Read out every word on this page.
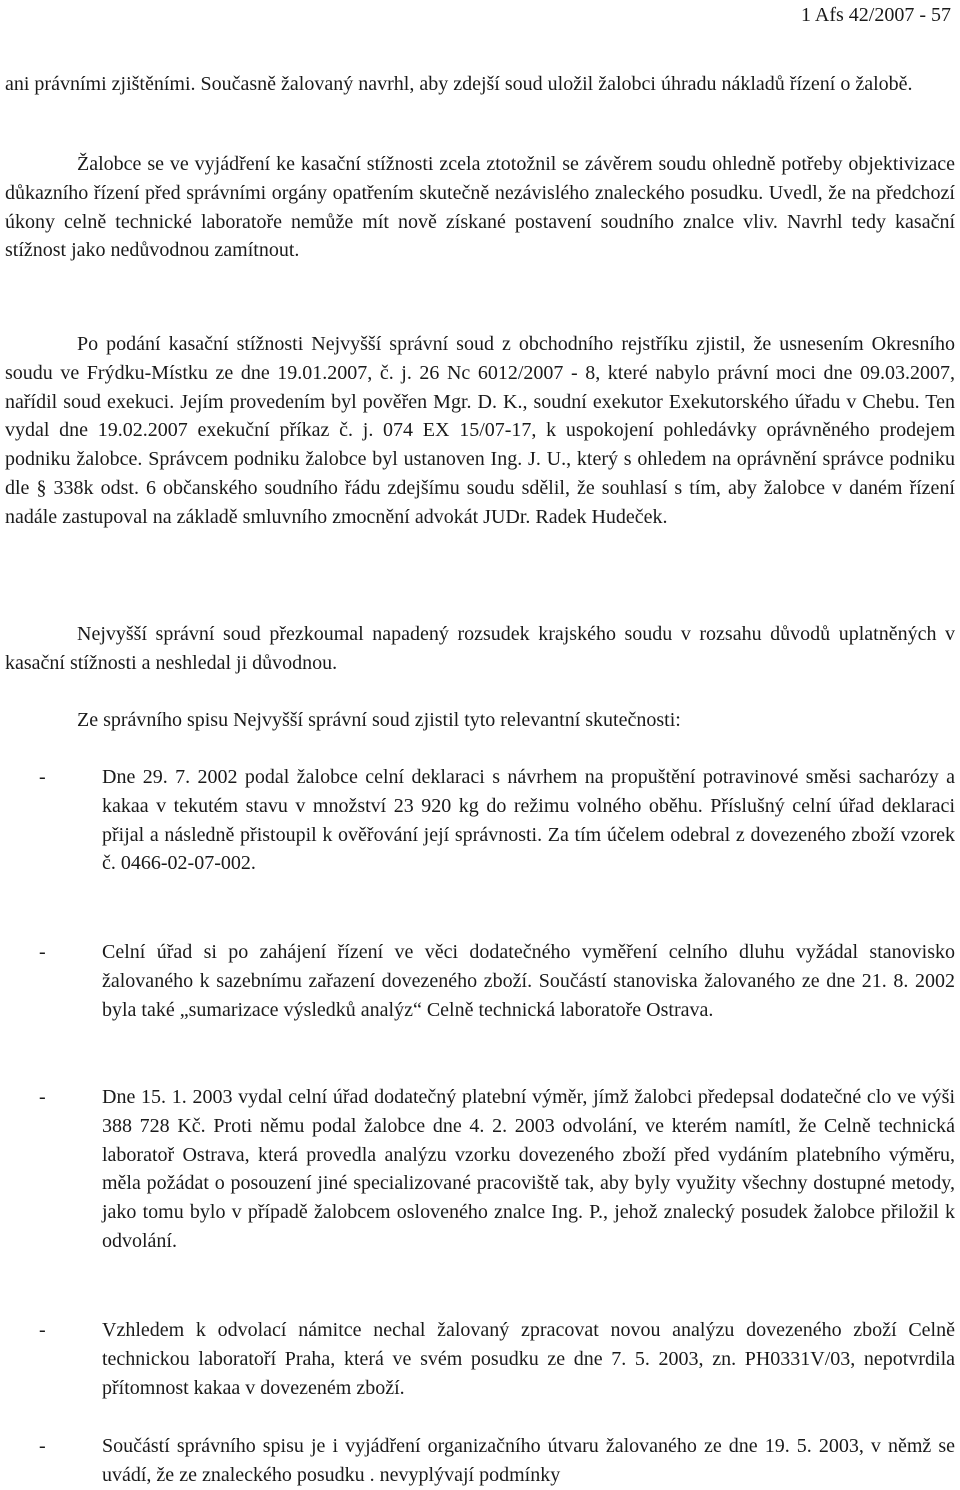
1 Afs 42/2007 - 57

ani právními zjištěními. Současně žalovaný navrhl, aby zdejší soud uložil žalobci úhradu nákladů řízení o žalobě.

Žalobce se ve vyjádření ke kasační stížnosti zcela ztotožnil se závěrem soudu ohledně potřeby objektivizace důkazního řízení před správními orgány opatřením skutečně nezávislého znaleckého posudku. Uvedl, že na předchozí úkony celně technické laboratoře nemůže mít nově získané postavení soudního znalce vliv. Navrhl tedy kasační stížnost jako nedůvodnou zamítnout.

Po podání kasační stížnosti Nejvyšší správní soud z obchodního rejstříku zjistil, že usnesením Okresního soudu ve Frýdku-Místku ze dne 19.01.2007, č. j. 26 Nc 6012/2007 - 8, které nabylo právní moci dne 09.03.2007, nařídil soud exekuci. Jejím provedením byl pověřen Mgr. D. K., soudní exekutor Exekutorského úřadu v Chebu. Ten vydal dne 19.02.2007 exekuční příkaz č. j. 074 EX 15/07-17, k uspokojení pohledávky oprávněného prodejem podniku žalobce. Správcem podniku žalobce byl ustanoven Ing. J. U., který s ohledem na oprávnění správce podniku dle § 338k odst. 6 občanského soudního řádu zdejšímu soudu sdělil, že souhlasí s tím, aby žalobce v daném řízení nadále zastupoval na základě smluvního zmocnění advokát JUDr. Radek Hudeček.

Nejvyšší správní soud přezkoumal napadený rozsudek krajského soudu v rozsahu důvodů uplatněných v kasační stížnosti a neshledal ji důvodnou.

Ze správního spisu Nejvyšší správní soud zjistil tyto relevantní skutečnosti:

-	Dne 29. 7. 2002 podal žalobce celní deklaraci s návrhem na propuštění potravinové směsi sacharózy a kakaa v tekutém stavu v množství 23 920 kg do režimu volného oběhu. Příslušný celní úřad deklaraci přijal a následně přistoupil k ověřování její správnosti. Za tím účelem odebral z dovezeného zboží vzorek č. 0466-02-07-002.

-	Celní úřad si po zahájení řízení ve věci dodatečného vyměření celního dluhu vyžádal stanovisko žalovaného k sazebnímu zařazení dovezeného zboží. Součástí stanoviska žalovaného ze dne 21. 8. 2002 byla také „sumarizace výsledků analýz“ Celně technická laboratoře Ostrava.

-	Dne 15. 1. 2003 vydal celní úřad dodatečný platební výměr, jímž žalobci předepsal dodatečné clo ve výši 388 728 Kč. Proti němu podal žalobce dne 4. 2. 2003 odvolání, ve kterém namítl, že Celně technická laboratoř Ostrava, která provedla analýzu vzorku dovezeného zboží před vydáním platebního výměru, měla požádat o posouzení jiné specializované pracoviště tak, aby byly využity všechny dostupné metody, jako tomu bylo v případě žalobcem osloveného znalce Ing. P., jehož znalecký posudek žalobce přiložil k odvolání.

-	Vzhledem k odvolací námitce nechal žalovaný zpracovat novou analýzu dovezeného zboží Celně technickou laboratoří Praha, která ve svém posudku ze dne 7. 5. 2003, zn. PH0331V/03, nepotvrdila přítomnost kakaa v dovezeném zboží.

-	Součástí správního spisu je i vyjádření organizačního útvaru žalovaného ze dne 19. 5. 2003, v němž se uvádí, že ze znaleckého posudku . nevyplývají podmínky
